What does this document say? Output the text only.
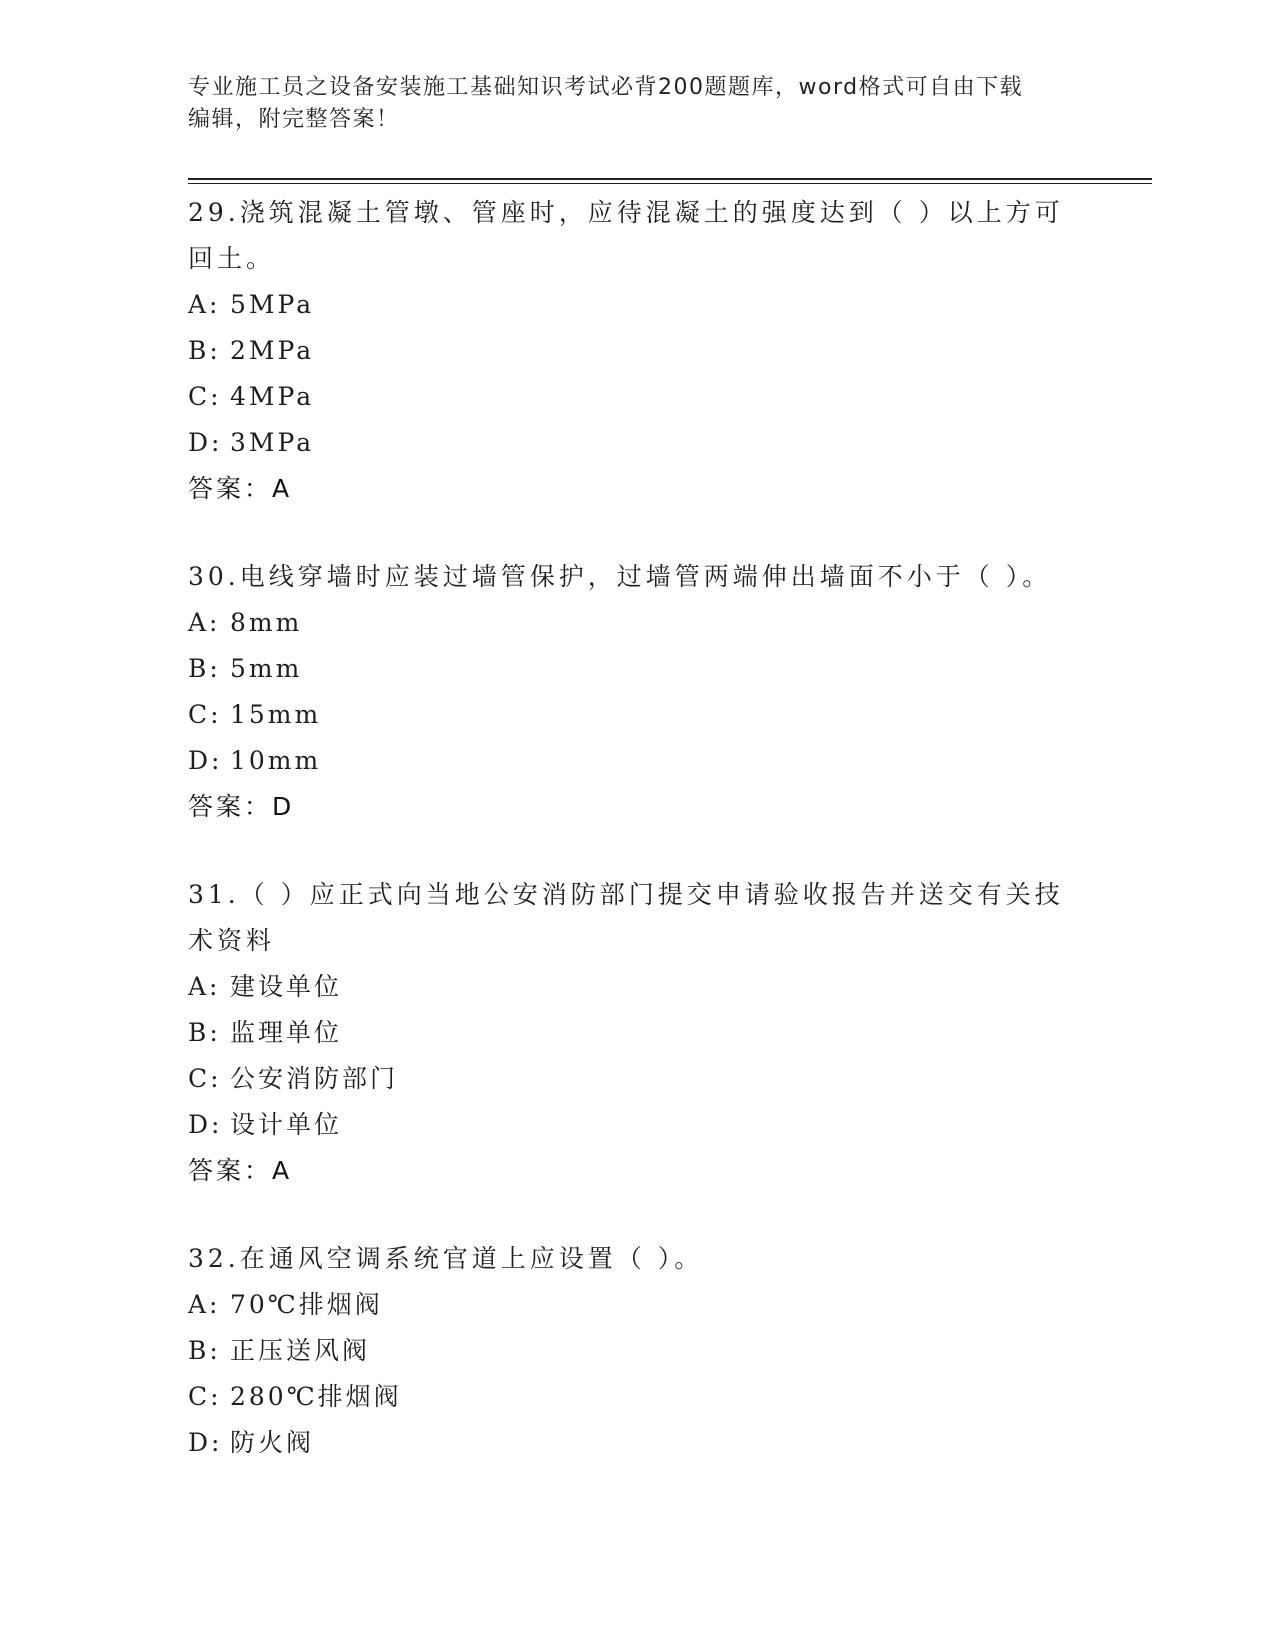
专业施工员之设备安装施工基础知识考试必背200题题库，word格式可自由下载
编辑，附完整答案！
29.浇筑混凝土管墩、管座时，应待混凝土的强度达到（ ）以上方可回土。
A: 5MPa
B: 2MPa
C: 4MPa
D: 3MPa
答案：A
30.电线穿墙时应装过墙管保护，过墙管两端伸出墙面不小于（ ）。
A: 8mm
B: 5mm
C: 15mm
D: 10mm
答案：D
31.（ ）应正式向当地公安消防部门提交申请验收报告并送交有关技术资料
A: 建设单位
B: 监理单位
C: 公安消防部门
D: 设计单位
答案：A
32.在通风空调系统官道上应设置（ ）。
A: 70℃排烟阀
B: 正压送风阀
C: 280℃排烟阀
D: 防火阀
